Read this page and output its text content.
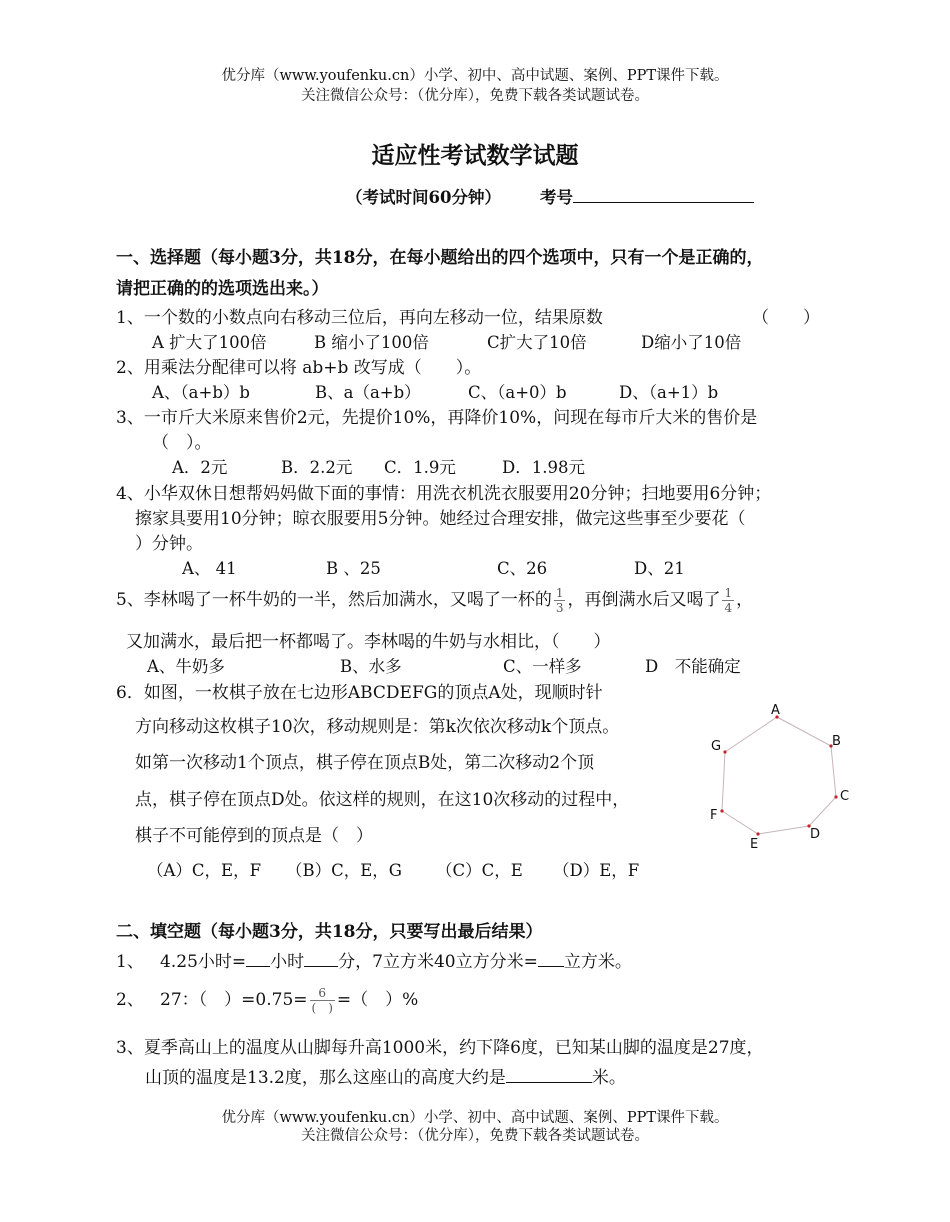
优分库（www.youfenku.cn）小学、初中、高中试题、案例、PPT课件下载。
关注微信公众号：（优分库），免费下载各类试题试卷。
适应性考试数学试题
（考试时间60分钟） 考号
一、选择题（每小题3分，共18分，在每小题给出的四个选项中，只有一个是正确的，
请把正确的的选项选出来。）
1、一个数的小数点向右移动三位后，再向左移动一位，结果原数	（　　）
A 扩大了100倍	B 缩小了100倍	C扩大了10倍	D缩小了10倍
2、用乘法分配律可以将 ab+b 改写成（　　）。
A、（a+b）b	B、a（a+b）	C、（a+0）b	D、（a+1）b
3、一市斤大米原来售价2元，先提价10%，再降价10%，问现在每市斤大米的售价是
（　）。
A．2元	B．2.2元 C．1.9元	D．1.98元
4、小华双休日想帮妈妈做下面的事情：用洗衣机洗衣服要用20分钟；扫地要用6分钟；
擦家具要用10分钟；晾衣服要用5分钟。她经过合理安排，做完这些事至少要花（
）分钟。
A、 41	B 、25	C、26	D、21
5、李林喝了一杯牛奶的一半，然后加满水，又喝了一杯的 $\frac{1}{3}$ ，再倒满水后又喝了 $\frac{1}{4}$ ，
又加满水，最后把一杯都喝了。李林喝的牛奶与水相比，（　　）
A、牛奶多	B、水多	C、一样多	D　不能确定
6．如图，一枚棋子放在七边形ABCDEFG的顶点A处，现顺时针
方向移动这枚棋子10次，移动规则是：第k次依次移动k个顶点。
如第一次移动1个顶点，棋子停在顶点B处，第二次移动2个顶
点，棋子停在顶点D处。依这样的规则，在这10次移动的过程中，
棋子不可能停到的顶点是（　）
（A）C，E，F （B）C，E，G （C）C，E （D）E，F
A
B
C
D
E
F
G
二、填空题（每小题3分，共18分，只要写出最后结果）
1、 4.25小时= 小时 分，7立方米40立方分米= 立方米。
2、 27：（　）$=0.75= \frac{6}{( )}$ =（　）%
3、夏季高山上的温度从山脚每升高1000米，约下降6度，已知某山脚的温度是27度，
山顶的温度是13.2度，那么这座山的高度大约是	米。
优分库（www.youfenku.cn）小学、初中、高中试题、案例、PPT课件下载。
关注微信公众号：（优分库），免费下载各类试题试卷。
